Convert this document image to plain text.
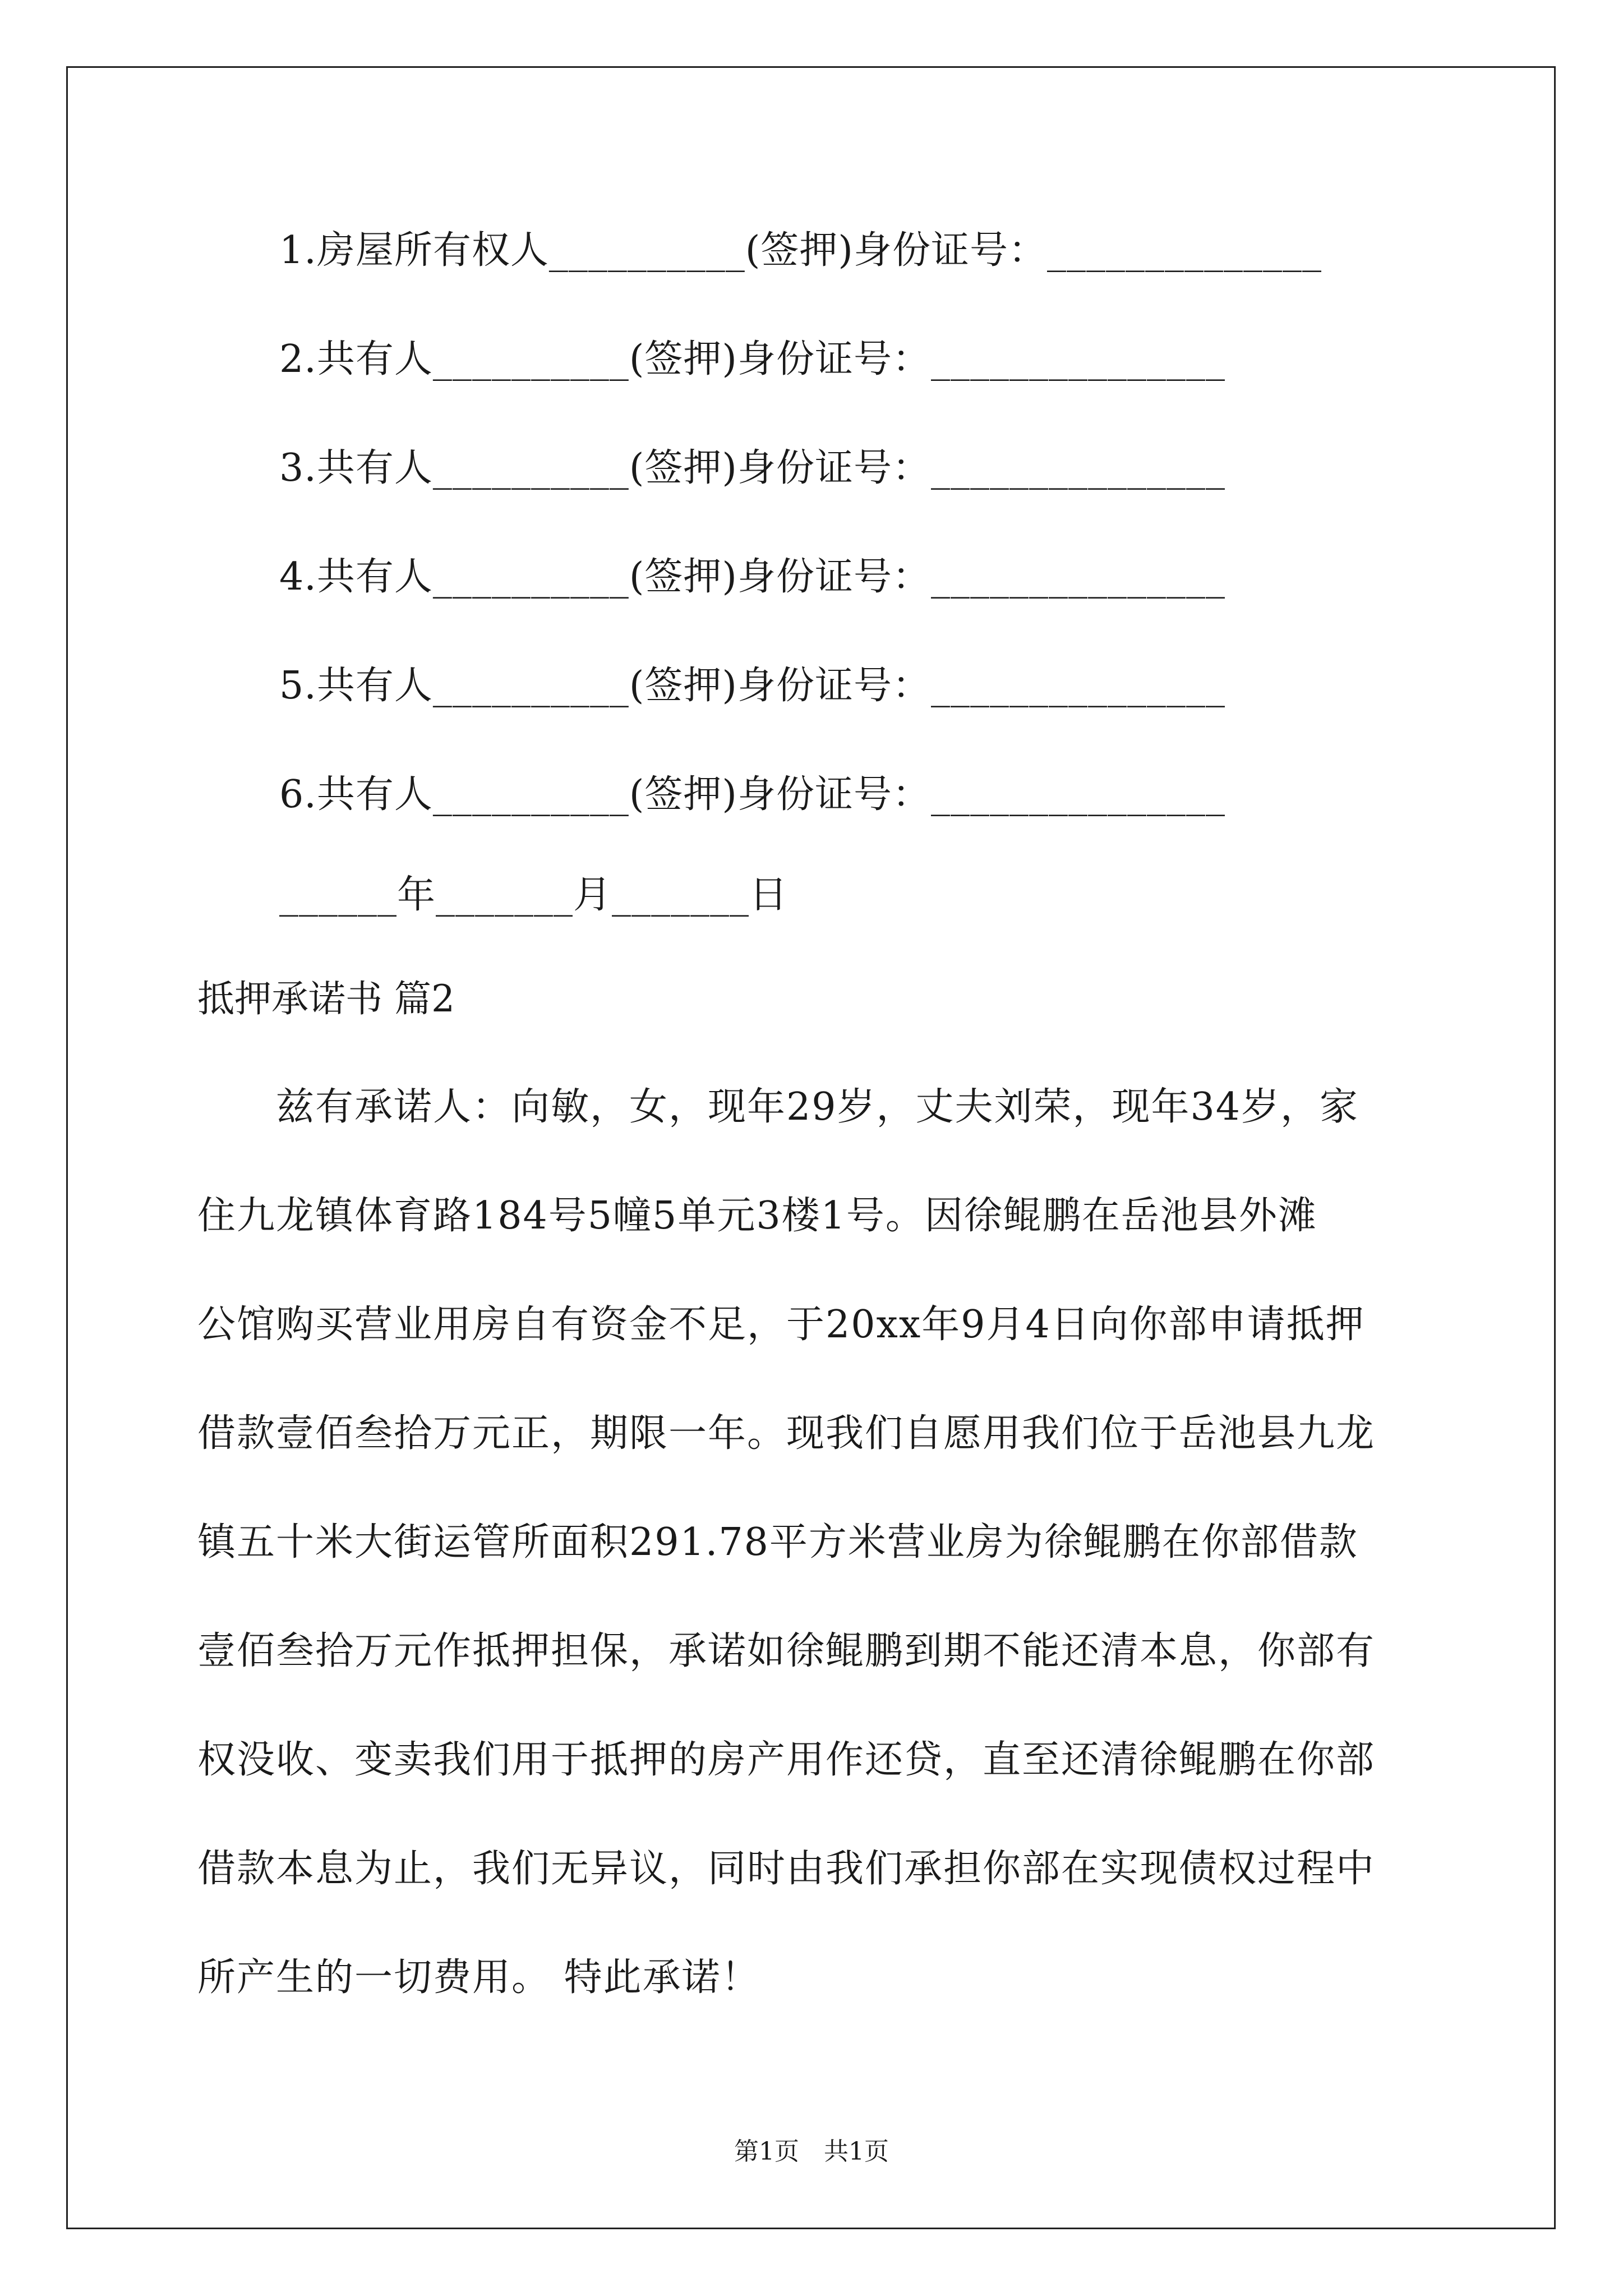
1.房屋所有权人__________(签押)身份证号：______________
2.共有人__________(签押)身份证号：_______________
3.共有人__________(签押)身份证号：_______________
4.共有人__________(签押)身份证号：_______________
5.共有人__________(签押)身份证号：_______________
6.共有人__________(签押)身份证号：_______________
______年_______月_______日
抵押承诺书 篇2
　　兹有承诺人：向敏，女，现年29岁，丈夫刘荣，现年34岁，家
住九龙镇体育路184号5幢5单元3楼1号。因徐鲲鹏在岳池县外滩
公馆购买营业用房自有资金不足，于20xx年9月4日向你部申请抵押
借款壹佰叁拾万元正，期限一年。现我们自愿用我们位于岳池县九龙
镇五十米大街运管所面积291.78平方米营业房为徐鲲鹏在你部借款
壹佰叁拾万元作抵押担保，承诺如徐鲲鹏到期不能还清本息，你部有
权没收、变卖我们用于抵押的房产用作还贷，直至还清徐鲲鹏在你部
借款本息为止，我们无异议，同时由我们承担你部在实现债权过程中
所产生的一切费用。 特此承诺！
第1页　共1页
